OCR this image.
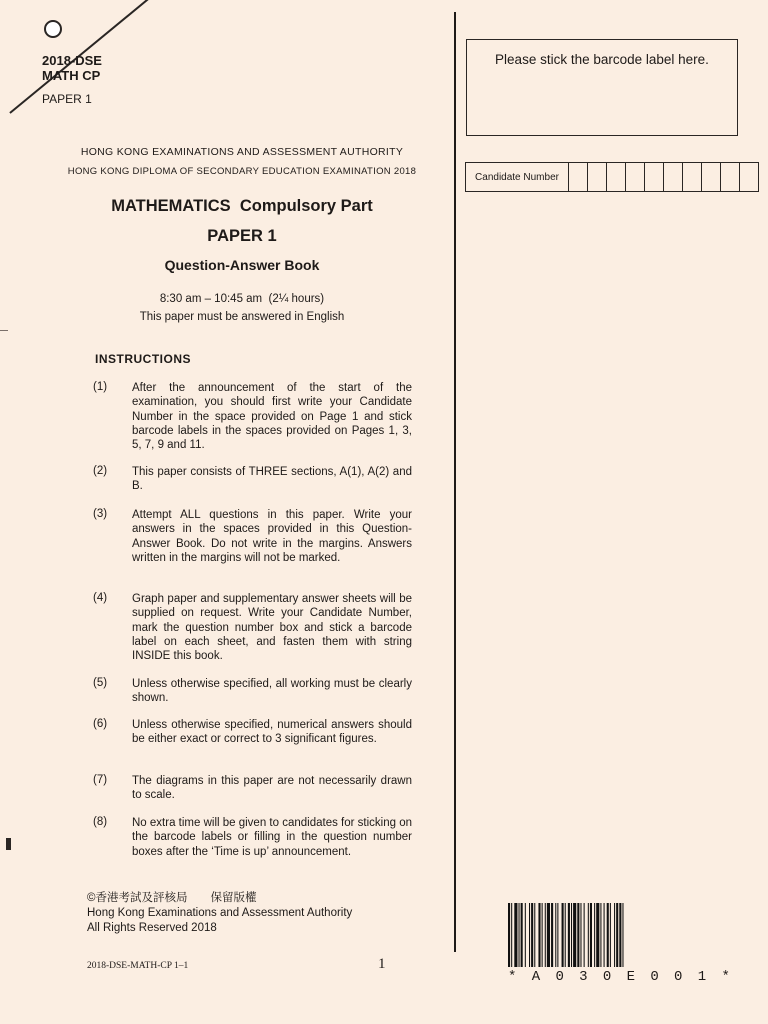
2018-DSE
MATH CP
PAPER 1
HONG KONG EXAMINATIONS AND ASSESSMENT AUTHORITY
HONG KONG DIPLOMA OF SECONDARY EDUCATION EXAMINATION 2018
MATHEMATICS  Compulsory Part
PAPER 1
Question-Answer Book
8:30 am – 10:45 am  (2¼ hours)
This paper must be answered in English
INSTRUCTIONS
(1) After the announcement of the start of the examination, you should first write your Candidate Number in the space provided on Page 1 and stick barcode labels in the spaces provided on Pages 1, 3, 5, 7, 9 and 11.
(2) This paper consists of THREE sections, A(1), A(2) and B.
(3) Attempt ALL questions in this paper. Write your answers in the spaces provided in this Question-Answer Book. Do not write in the margins. Answers written in the margins will not be marked.
(4) Graph paper and supplementary answer sheets will be supplied on request. Write your Candidate Number, mark the question number box and stick a barcode label on each sheet, and fasten them with string INSIDE this book.
(5) Unless otherwise specified, all working must be clearly shown.
(6) Unless otherwise specified, numerical answers should be either exact or correct to 3 significant figures.
(7) The diagrams in this paper are not necessarily drawn to scale.
(8) No extra time will be given to candidates for sticking on the barcode labels or filling in the question number boxes after the ‘Time is up’ announcement.
©香港考試及評核局　　保留版權
Hong Kong Examinations and Assessment Authority
All Rights Reserved 2018
2018-DSE-MATH-CP 1–1	1
Please stick the barcode label here.
Candidate Number
* A 0 3 0 E 0 0 1 *
